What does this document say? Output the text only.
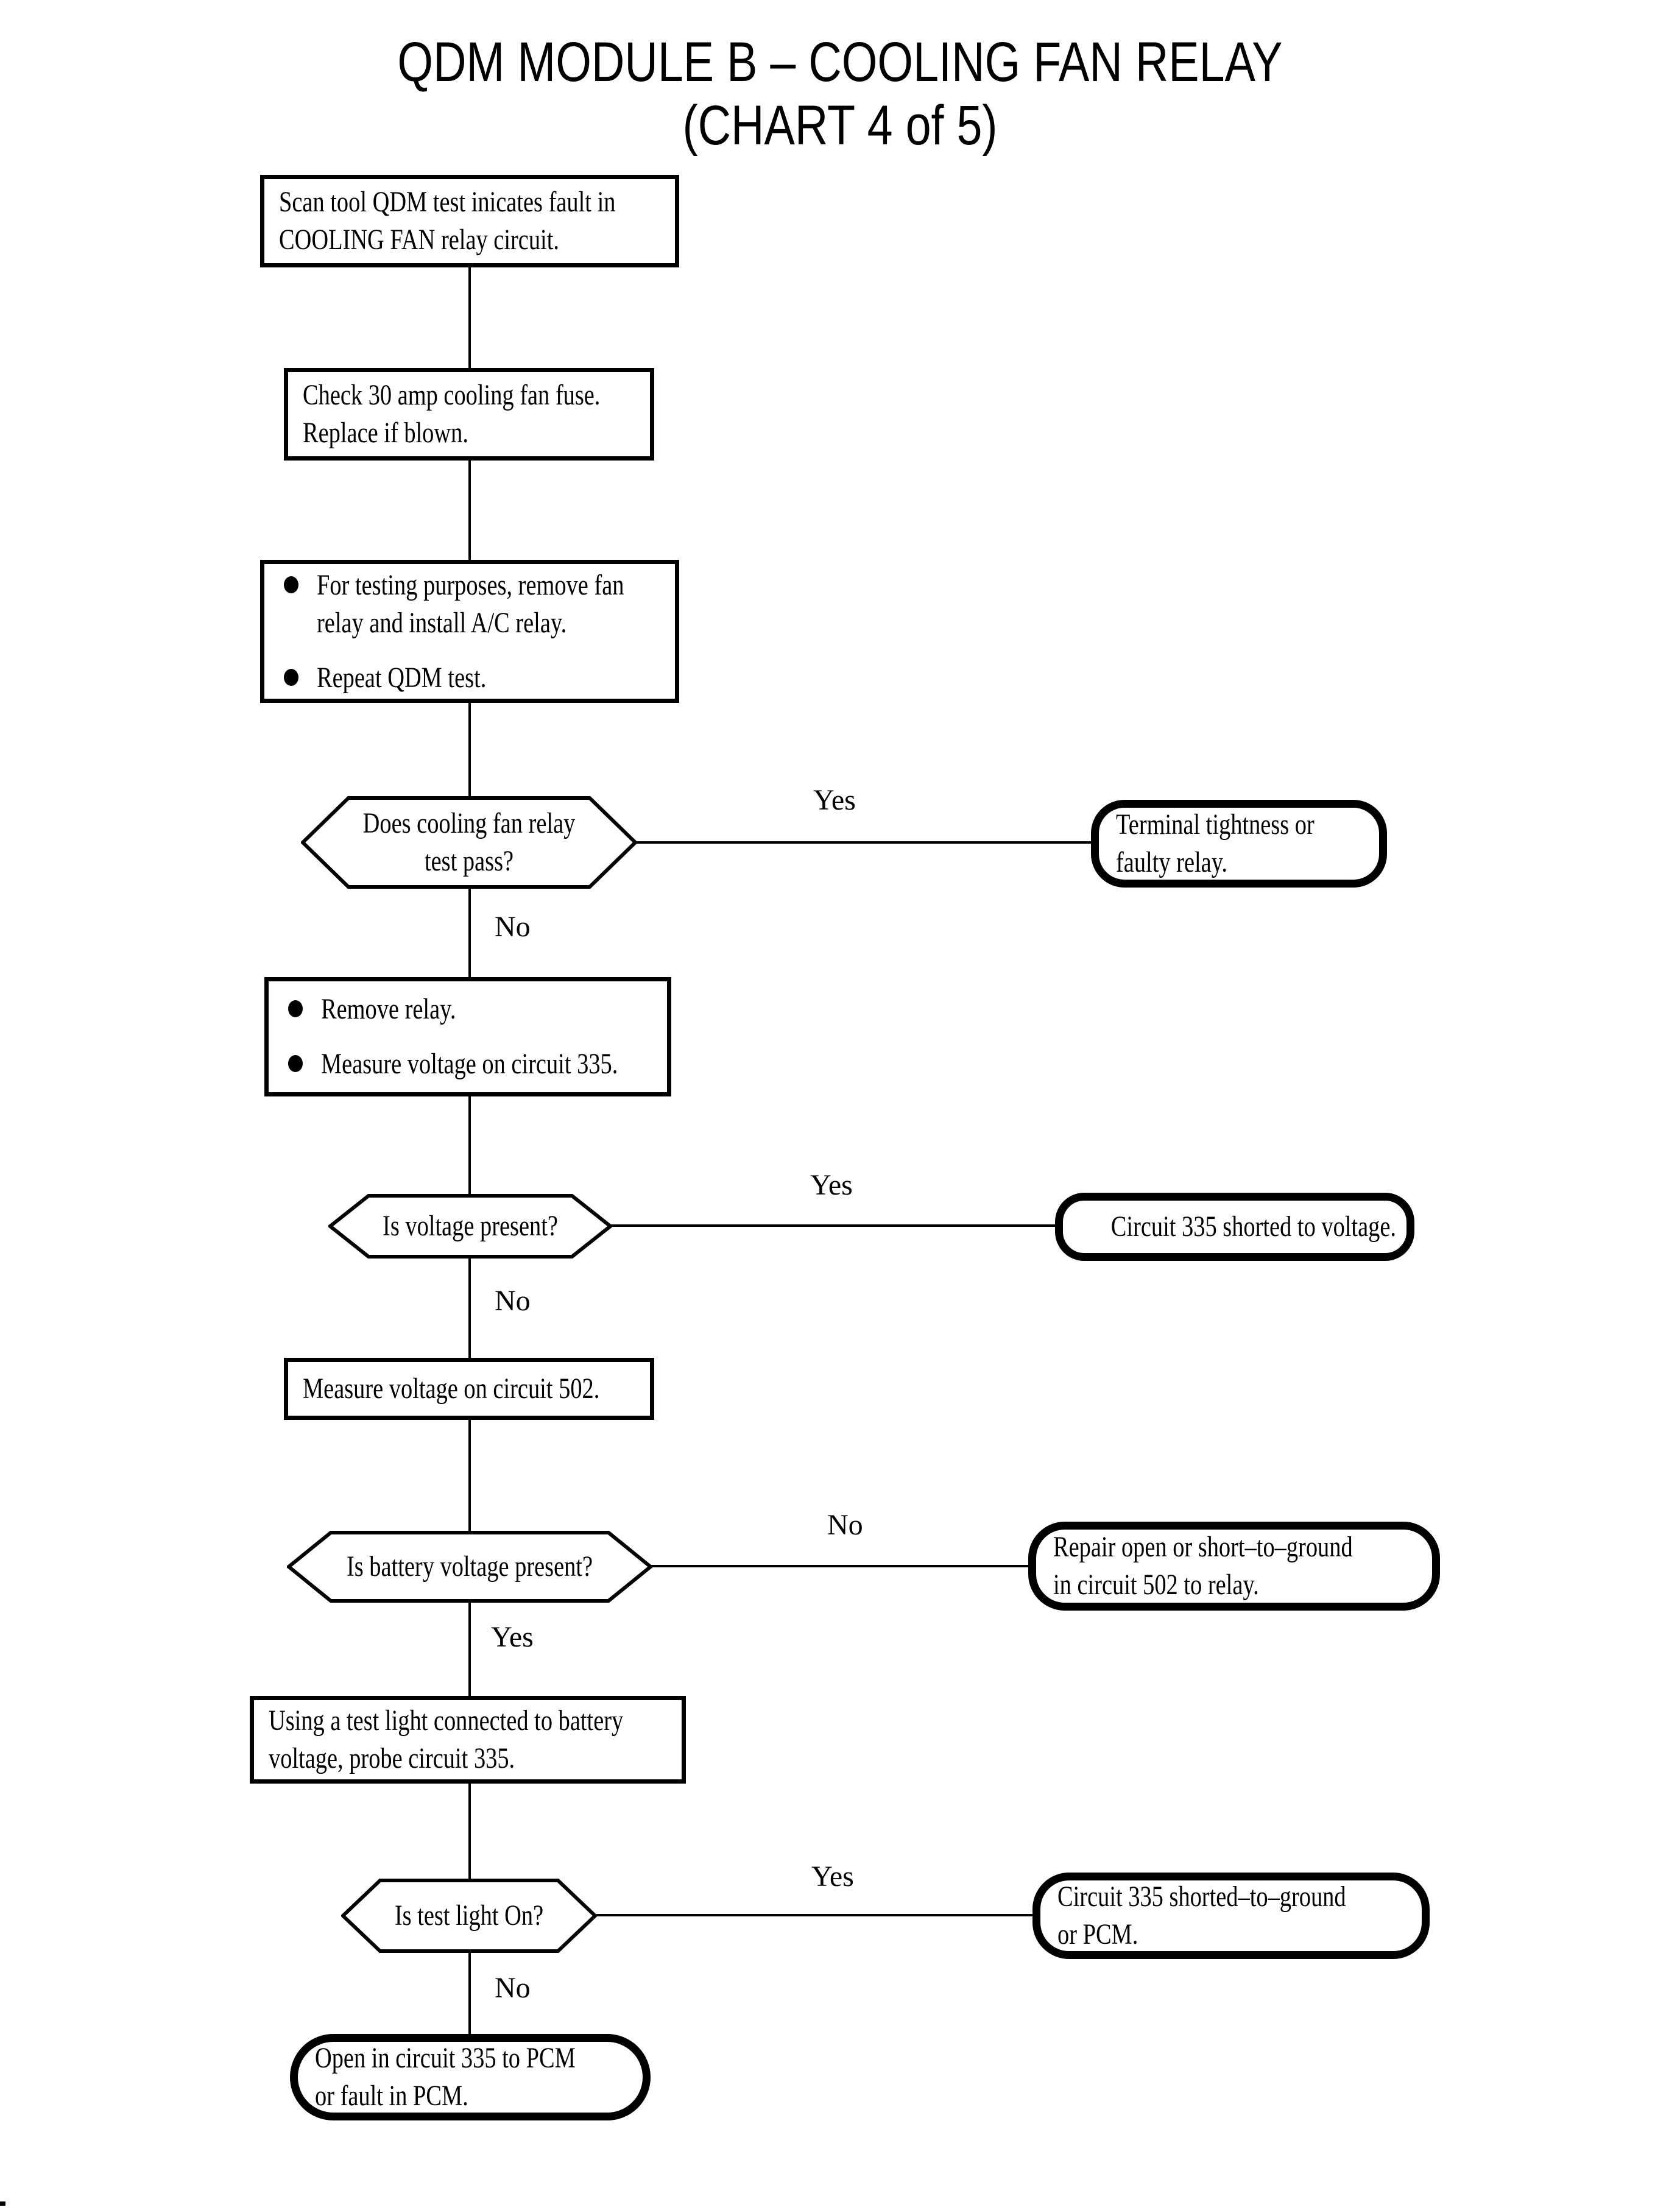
QDM MODULE B – COOLING FAN RELAY
(CHART 4 of 5)
Yes
No
Yes
No
No
Yes
Yes
No
Scan tool QDM test inicates fault in
COOLING FAN relay circuit.
Check 30 amp cooling fan fuse.
Replace if blown.
For testing purposes, remove fan
relay and install A/C relay.
Repeat QDM test.
Does cooling fan relay
test pass?
Terminal tightness or
faulty relay.
Remove relay.
Measure voltage on circuit 335.
Is voltage present?	Circuit 335 shorted to voltage.
Measure voltage on circuit 502.
Is battery voltage present?
Repair open or short–to–ground
in circuit 502 to relay.
Using a test light connected to battery
voltage, probe circuit 335.
Is test light On?
Circuit 335 shorted–to–ground
or PCM.
Open in circuit 335 to PCM
or fault in PCM.
